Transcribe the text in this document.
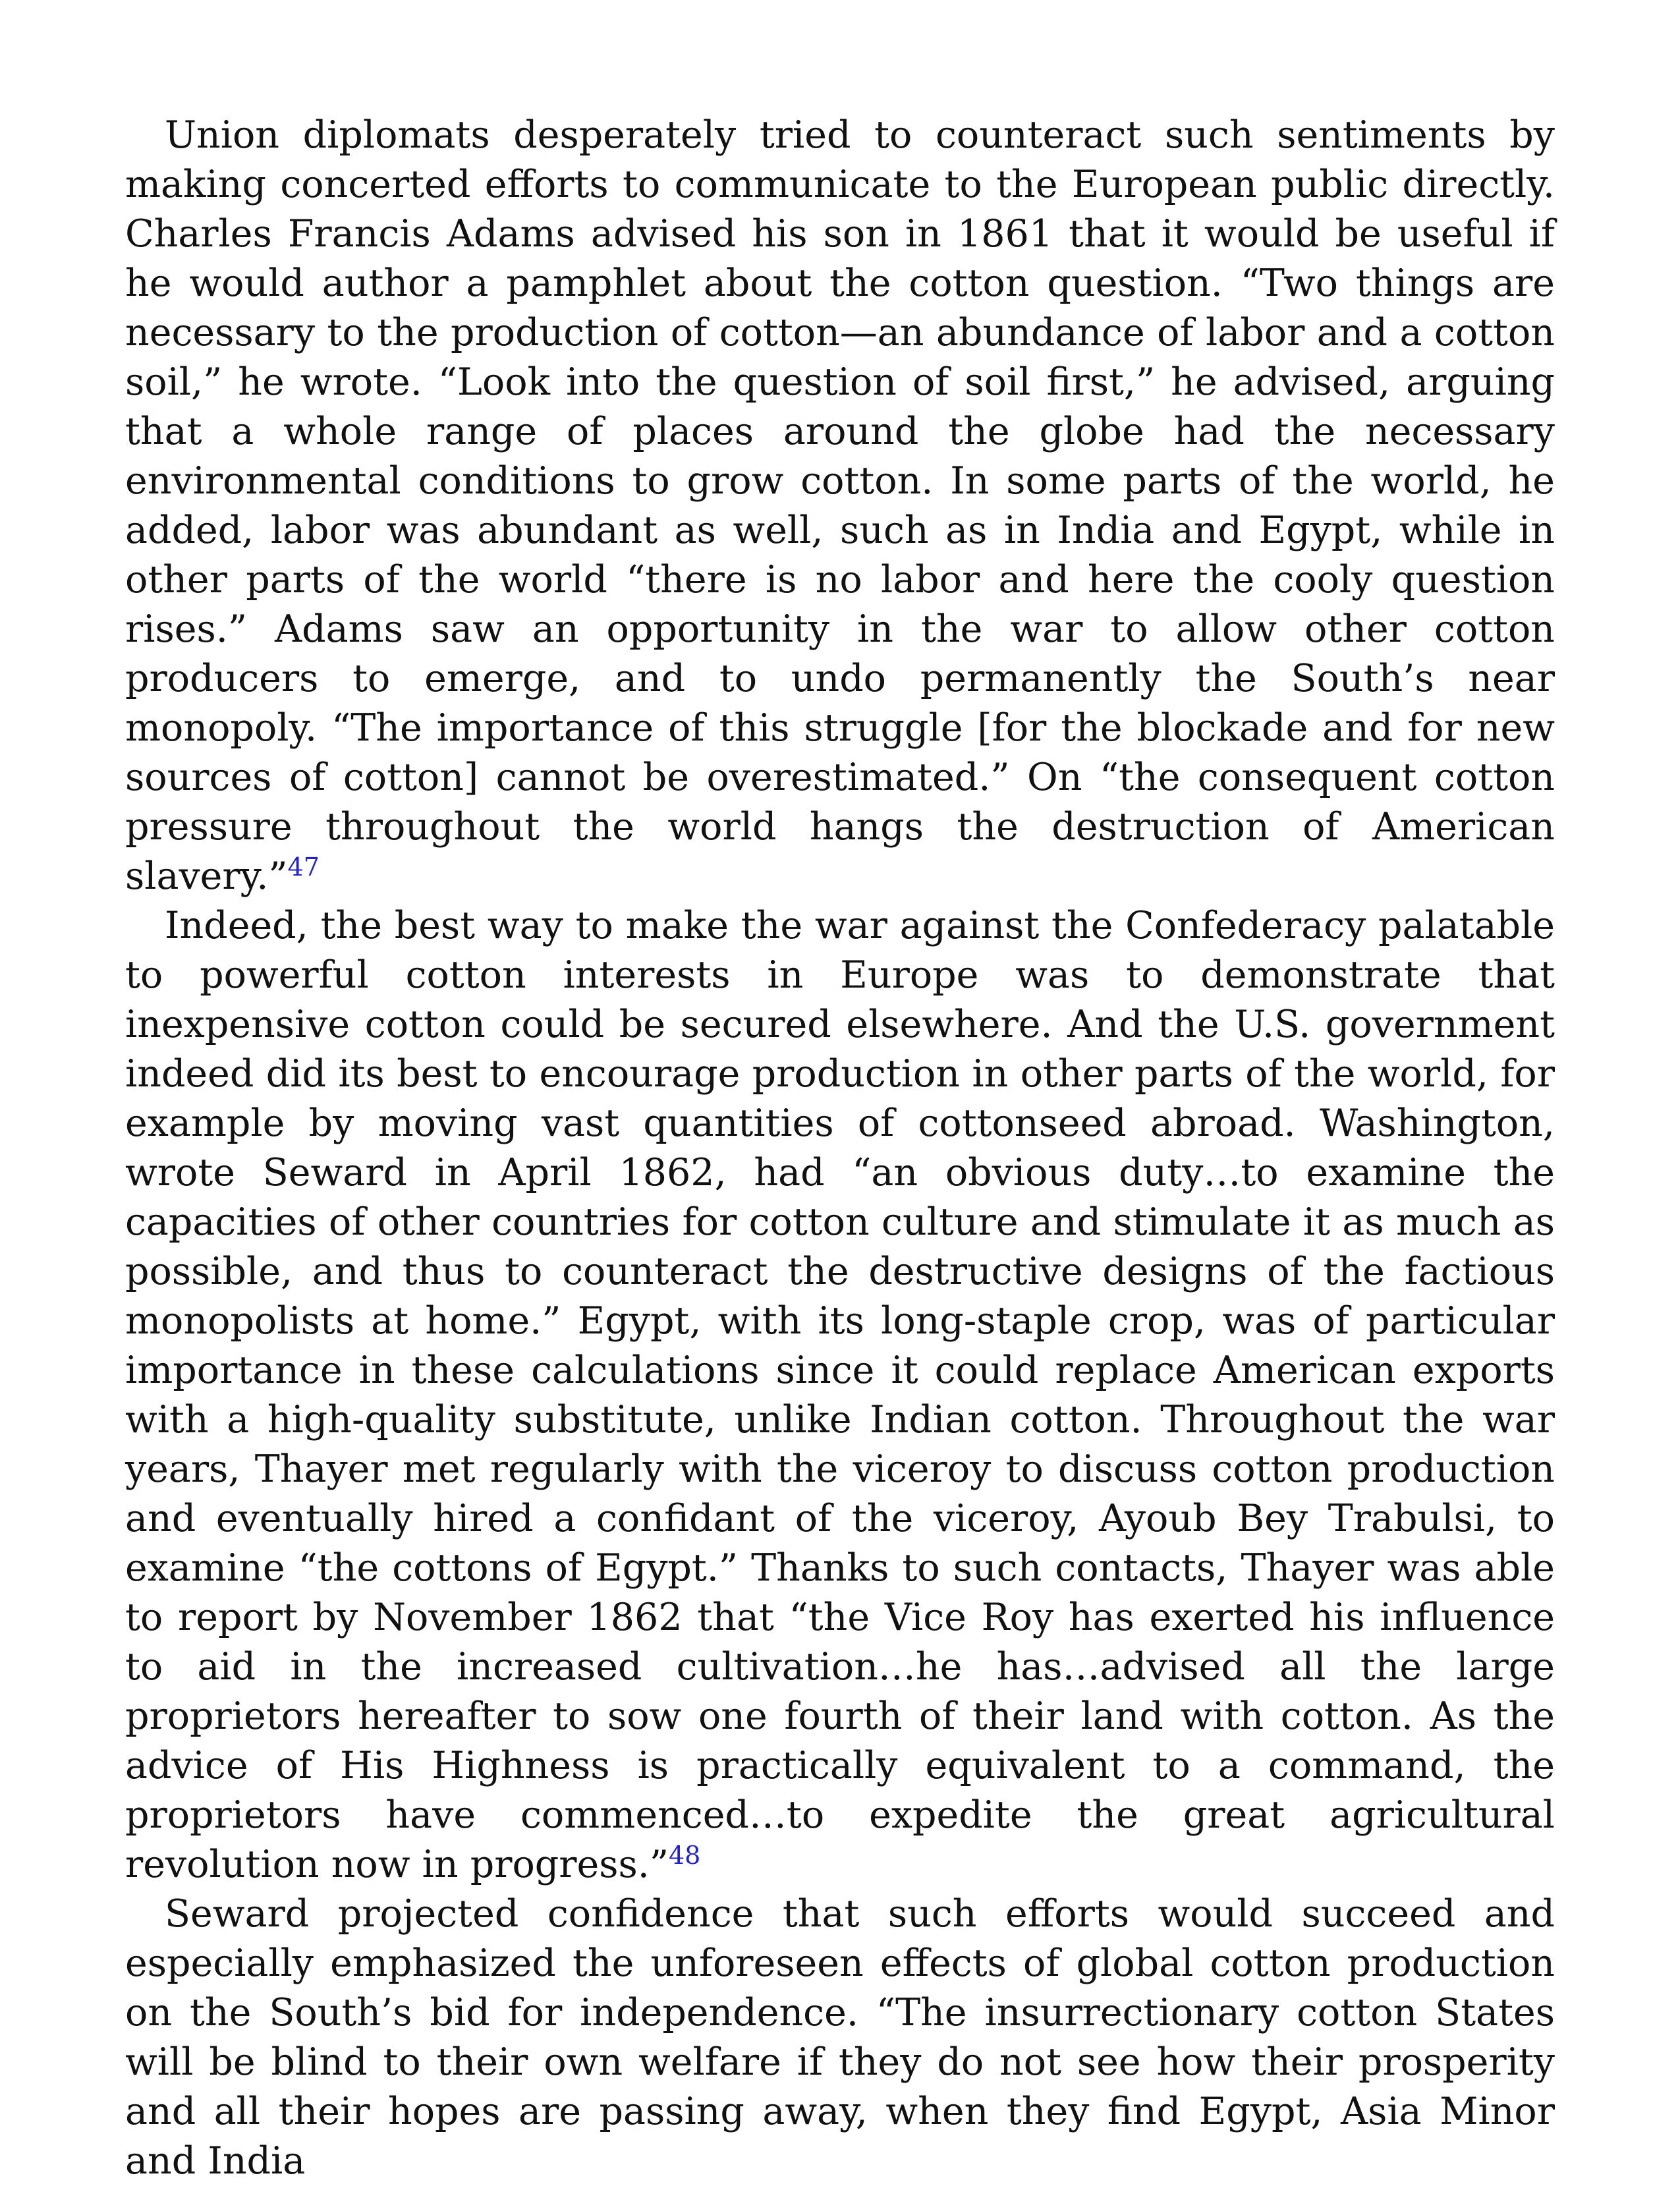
Union diplomats desperately tried to counteract such sentiments by making concerted efforts to communicate to the European public directly. Charles Francis Adams advised his son in 1861 that it would be useful if he would author a pamphlet about the cotton question. “Two things are necessary to the production of cotton—an abundance of labor and a cotton soil,” he wrote. “Look into the question of soil first,” he advised, arguing that a whole range of places around the globe had the necessary environmental conditions to grow cotton. In some parts of the world, he added, labor was abundant as well, such as in India and Egypt, while in other parts of the world “there is no labor and here the cooly question rises.” Adams saw an opportunity in the war to allow other cotton producers to emerge, and to undo permanently the South’s near monopoly. “The importance of this struggle [for the blockade and for new sources of cotton] cannot be overestimated.” On “the consequent cotton pressure throughout the world hangs the destruction of American slavery.”$^{47}$

Indeed, the best way to make the war against the Confederacy palatable to powerful cotton interests in Europe was to demonstrate that inexpensive cotton could be secured elsewhere. And the U.S. government indeed did its best to encourage production in other parts of the world, for example by moving vast quantities of cottonseed abroad. Washington, wrote Seward in April 1862, had “an obvious duty…to examine the capacities of other countries for cotton culture and stimulate it as much as possible, and thus to counteract the destructive designs of the factious monopolists at home.” Egypt, with its long-staple crop, was of particular importance in these calculations since it could replace American exports with a high-quality substitute, unlike Indian cotton. Throughout the war years, Thayer met regularly with the viceroy to discuss cotton production and eventually hired a confidant of the viceroy, Ayoub Bey Trabulsi, to examine “the cottons of Egypt.” Thanks to such contacts, Thayer was able to report by November 1862 that “the Vice Roy has exerted his influence to aid in the increased cultivation…he has…advised all the large proprietors hereafter to sow one fourth of their land with cotton. As the advice of His Highness is practically equivalent to a command, the proprietors have commenced…to expedite the great agricultural revolution now in progress.”$^{48}$

Seward projected confidence that such efforts would succeed and especially emphasized the unforeseen effects of global cotton production on the South’s bid for independence. “The insurrectionary cotton States will be blind to their own welfare if they do not see how their prosperity and all their hopes are passing away, when they find Egypt, Asia Minor and India
